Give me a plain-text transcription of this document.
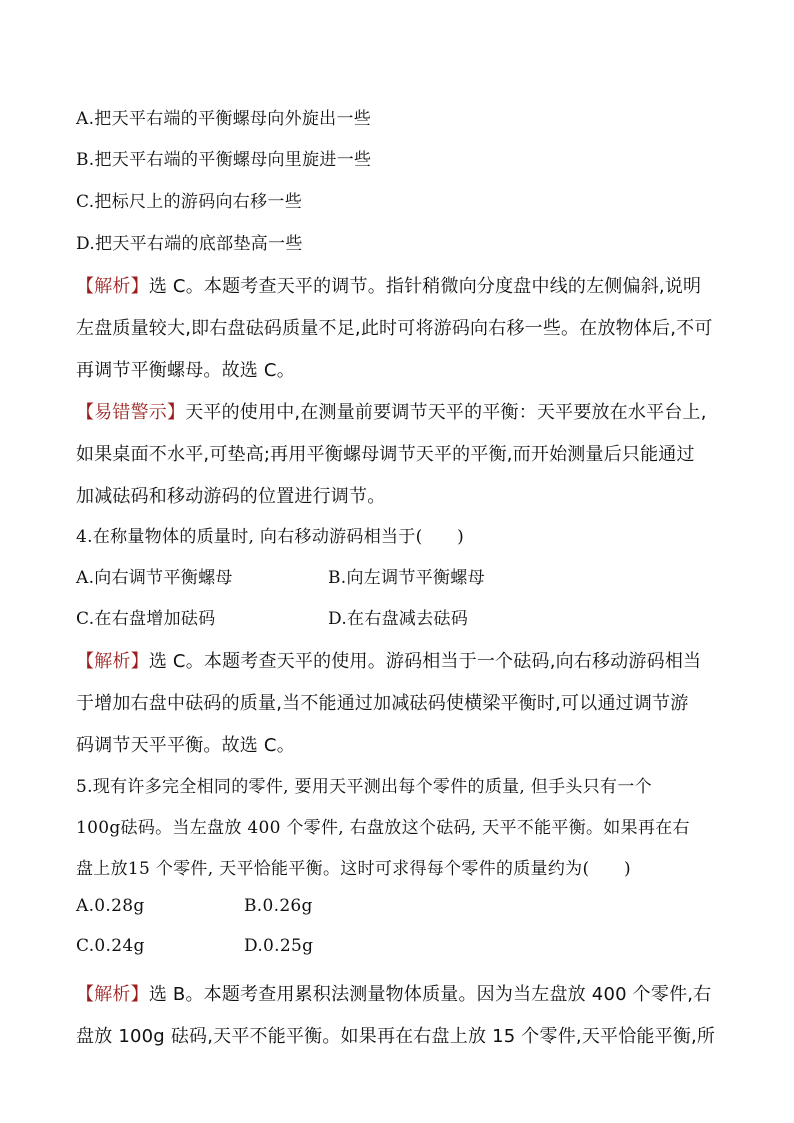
A.把天平右端的平衡螺母向外旋出一些
B.把天平右端的平衡螺母向里旋进一些
C.把标尺上的游码向右移一些
D.把天平右端的底部垫高一些
【解析】选 C。本题考查天平的调节。指针稍微向分度盘中线的左侧偏斜,说明
左盘质量较大,即右盘砝码质量不足,此时可将游码向右移一些。在放物体后,不可
再调节平衡螺母。故选 C。
【易错警示】天平的使用中,在测量前要调节天平的平衡：天平要放在水平台上,
如果桌面不水平,可垫高;再用平衡螺母调节天平的平衡,而开始测量后只能通过
加减砝码和移动游码的位置进行调节。
4.在称量物体的质量时, 向右移动游码相当于(　　)
A.向右调节平衡螺母	B.向左调节平衡螺母
C.在右盘增加砝码	D.在右盘减去砝码
【解析】选 C。本题考查天平的使用。游码相当于一个砝码,向右移动游码相当
于增加右盘中砝码的质量,当不能通过加减砝码使横梁平衡时,可以通过调节游
码调节天平平衡。故选 C。
5.现有许多完全相同的零件, 要用天平测出每个零件的质量, 但手头只有一个
100g砝码。当左盘放 400 个零件, 右盘放这个砝码, 天平不能平衡。如果再在右
盘上放15 个零件, 天平恰能平衡。这时可求得每个零件的质量约为(　　)
A.0.28g	B.0.26g
C.0.24g	D.0.25g
【解析】选 B。本题考查用累积法测量物体质量。因为当左盘放 400 个零件,右
盘放 100g 砝码,天平不能平衡。如果再在右盘上放 15 个零件,天平恰能平衡,所
